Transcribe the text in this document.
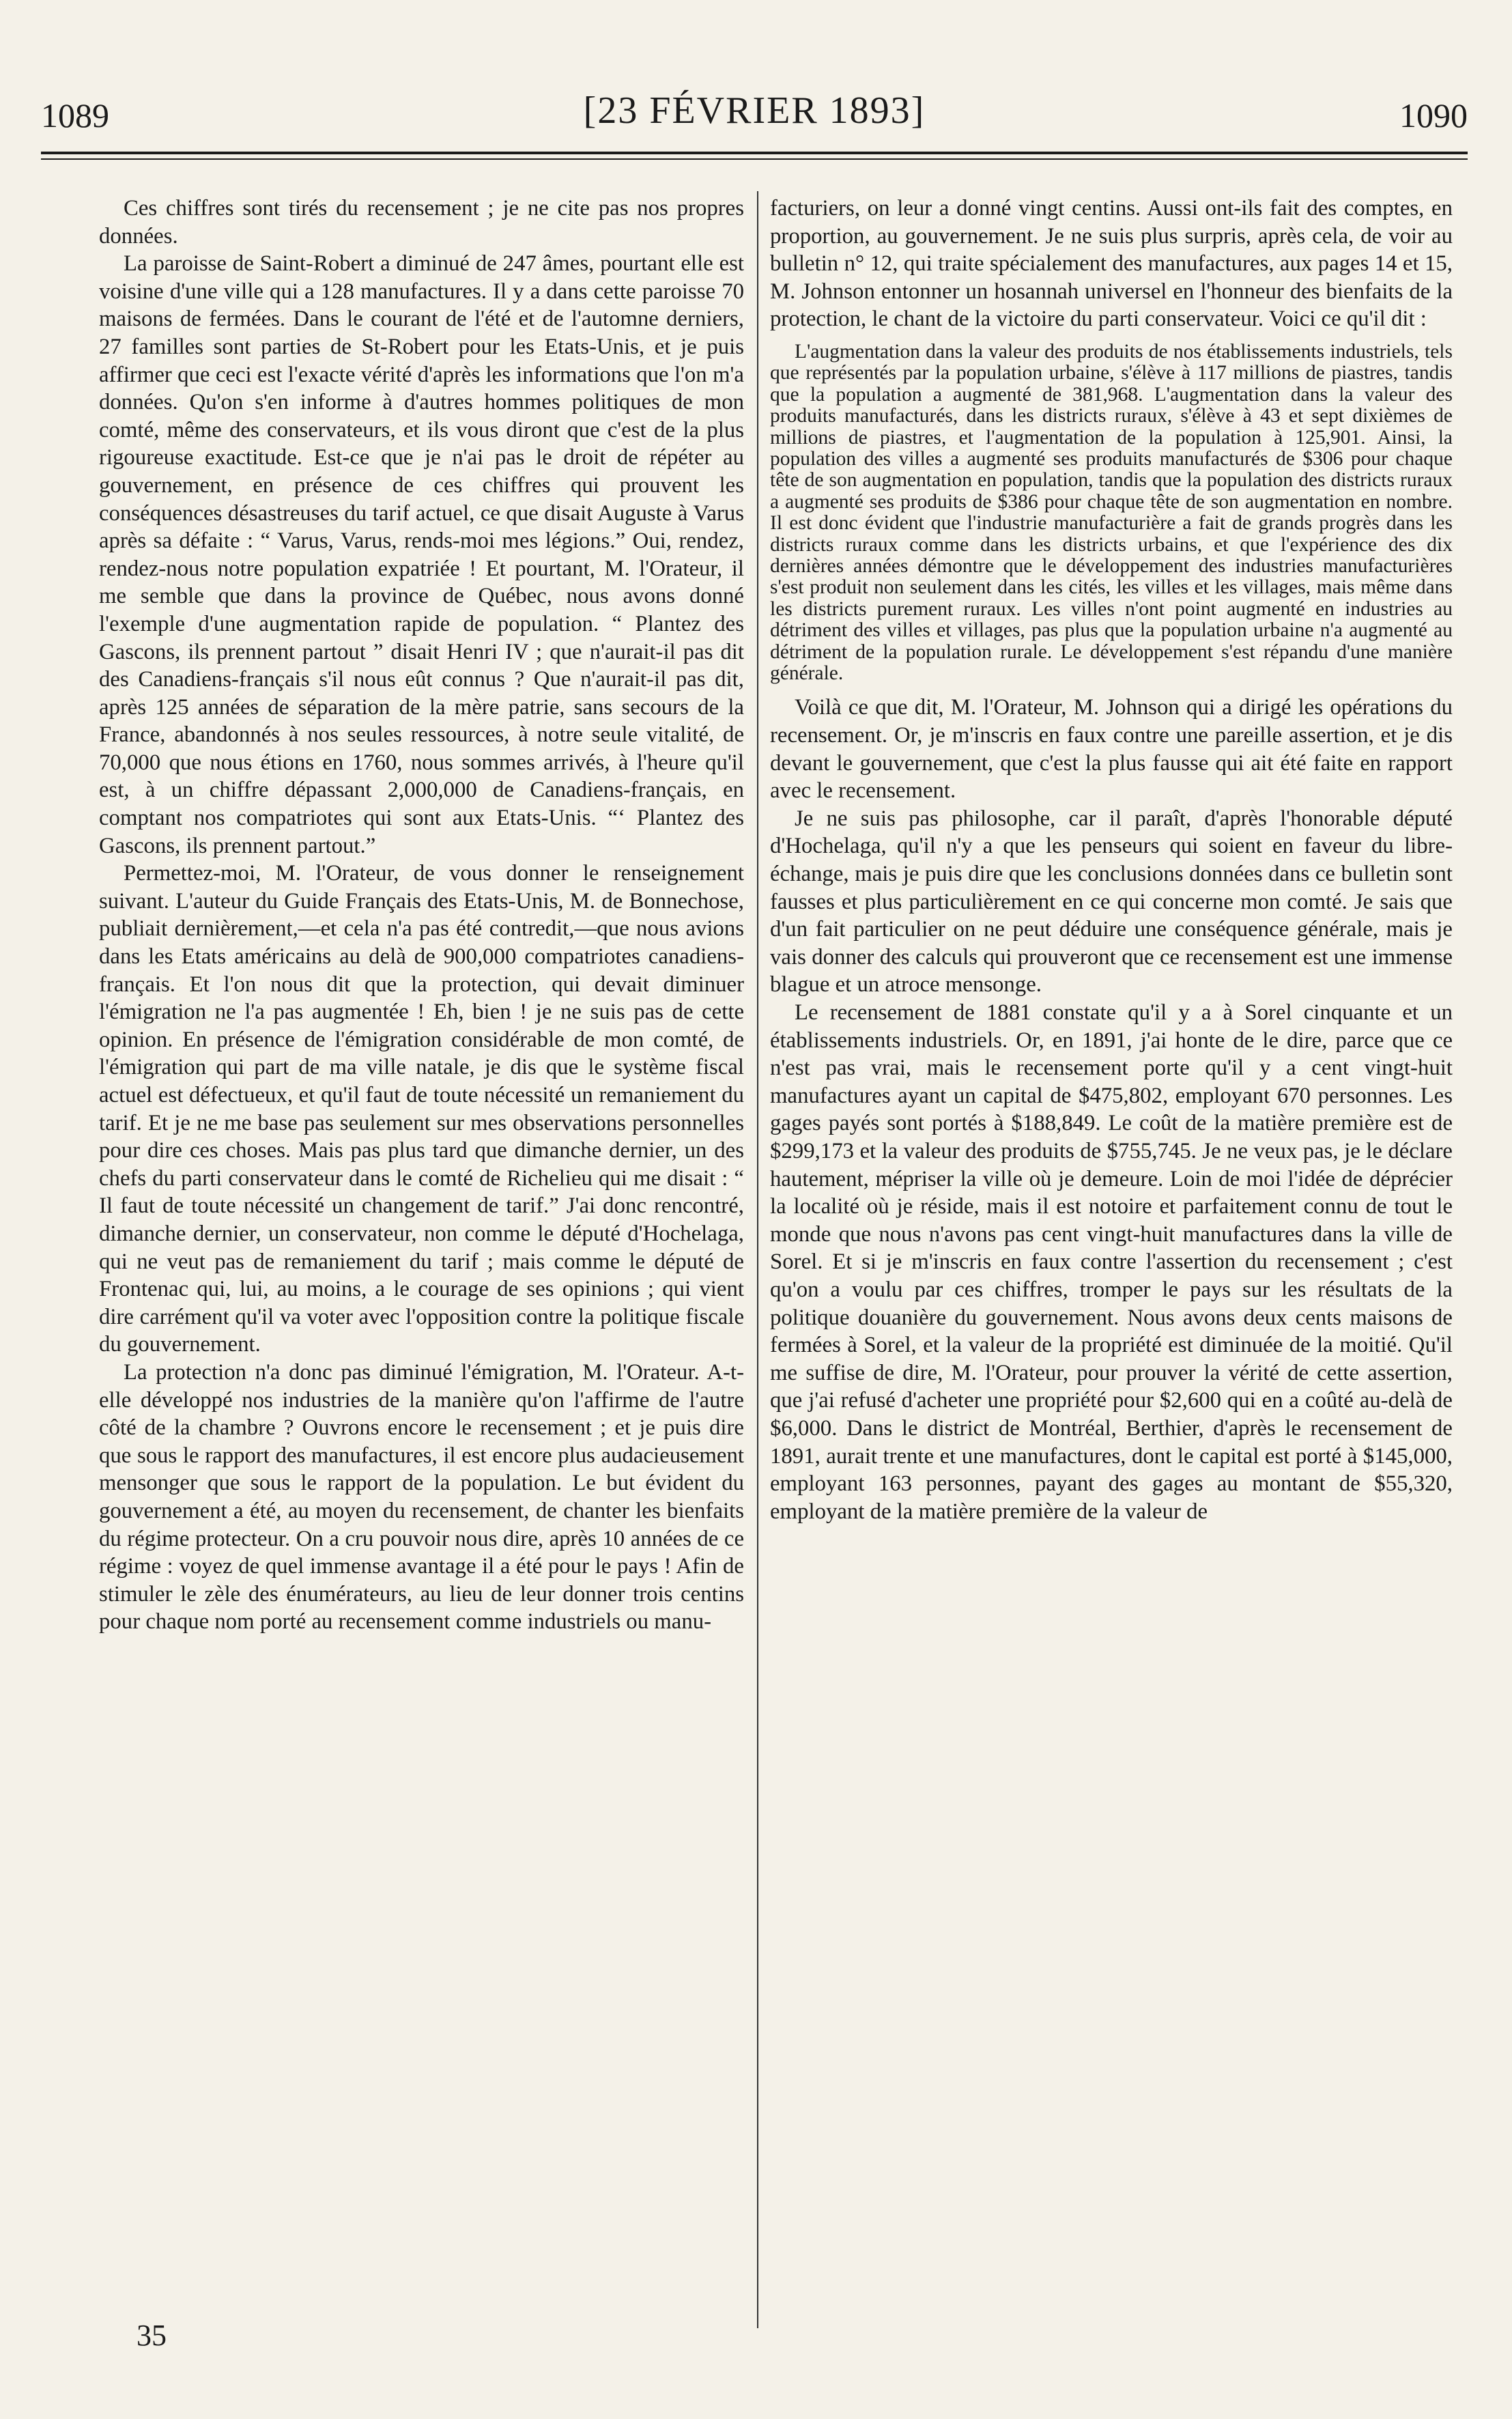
1089	[23 FÉVRIER 1893]	1090

Ces chiffres sont tirés du recensement ; je ne cite pas nos propres données.

La paroisse de Saint-Robert a diminué de 247 âmes, pourtant elle est voisine d'une ville qui a 128 manufactures. Il y a dans cette paroisse 70 maisons de fermées. Dans le courant de l'été et de l'automne derniers, 27 familles sont parties de St-Robert pour les Etats-Unis, et je puis affirmer que ceci est l'exacte vérité d'après les informations que l'on m'a données. Qu'on s'en informe à d'autres hommes politiques de mon comté, même des conservateurs, et ils vous diront que c'est de la plus rigoureuse exactitude. Est-ce que je n'ai pas le droit de répéter au gouvernement, en présence de ces chiffres qui prouvent les conséquences désastreuses du tarif actuel, ce que disait Auguste à Varus après sa défaite : “ Varus, Varus, rends-moi mes légions.” Oui, rendez, rendez-nous notre population expatriée ! Et pourtant, M. l'Orateur, il me semble que dans la province de Québec, nous avons donné l'exemple d'une augmentation rapide de population. “ Plantez des Gascons, ils prennent partout ” disait Henri IV ; que n'aurait-il pas dit des Canadiens-français s'il nous eût connus ? Que n'aurait-il pas dit, après 125 années de séparation de la mère patrie, sans secours de la France, abandonnés à nos seules ressources, à notre seule vitalité, de 70,000 que nous étions en 1760, nous sommes arrivés, à l'heure qu'il est, à un chiffre dépassant 2,000,000 de Canadiens-français, en comptant nos compatriotes qui sont aux Etats-Unis. “‘ Plantez des Gascons, ils prennent partout.”

Permettez-moi, M. l'Orateur, de vous donner le renseignement suivant. L'auteur du Guide Français des Etats-Unis, M. de Bonnechose, publiait dernièrement,—et cela n'a pas été contredit,—que nous avions dans les Etats américains au delà de 900,000 compatriotes canadiens-français. Et l'on nous dit que la protection, qui devait diminuer l'émigration ne l'a pas augmentée ! Eh, bien ! je ne suis pas de cette opinion. En présence de l'émigration considérable de mon comté, de l'émigration qui part de ma ville natale, je dis que le système fiscal actuel est défectueux, et qu'il faut de toute nécessité un remaniement du tarif. Et je ne me base pas seulement sur mes observations personnelles pour dire ces choses. Mais pas plus tard que dimanche dernier, un des chefs du parti conservateur dans le comté de Richelieu qui me disait : “ Il faut de toute nécessité un changement de tarif.” J'ai donc rencontré, dimanche dernier, un conservateur, non comme le député d'Hochelaga, qui ne veut pas de remaniement du tarif ; mais comme le député de Frontenac qui, lui, au moins, a le courage de ses opinions ; qui vient dire carrément qu'il va voter avec l'opposition contre la politique fiscale du gouvernement.

La protection n'a donc pas diminué l'émigration, M. l'Orateur. A-t-elle développé nos industries de la manière qu'on l'affirme de l'autre côté de la chambre ? Ouvrons encore le recensement ; et je puis dire que sous le rapport des manufactures, il est encore plus audacieusement mensonger que sous le rapport de la population. Le but évident du gouvernement a été, au moyen du recensement, de chanter les bienfaits du régime protecteur. On a cru pouvoir nous dire, après 10 années de ce régime : voyez de quel immense avantage il a été pour le pays ! Afin de stimuler le zèle des énumérateurs, au lieu de leur donner trois centins pour chaque nom porté au recensement comme industriels ou manu-

facturiers, on leur a donné vingt centins. Aussi ont-ils fait des comptes, en proportion, au gouvernement. Je ne suis plus surpris, après cela, de voir au bulletin n° 12, qui traite spécialement des manufactures, aux pages 14 et 15, M. Johnson entonner un hosannah universel en l'honneur des bienfaits de la protection, le chant de la victoire du parti conservateur. Voici ce qu'il dit :

L'augmentation dans la valeur des produits de nos établissements industriels, tels que représentés par la population urbaine, s'élève à 117 millions de piastres, tandis que la population a augmenté de 381,968. L'augmentation dans la valeur des produits manufacturés, dans les districts ruraux, s'élève à 43 et sept dixièmes de millions de piastres, et l'augmentation de la population à 125,901. Ainsi, la population des villes a augmenté ses produits manufacturés de $306 pour chaque tête de son augmentation en population, tandis que la population des districts ruraux a augmenté ses produits de $386 pour chaque tête de son augmentation en nombre. Il est donc évident que l'industrie manufacturière a fait de grands progrès dans les districts ruraux comme dans les districts urbains, et que l'expérience des dix dernières années démontre que le développement des industries manufacturières s'est produit non seulement dans les cités, les villes et les villages, mais même dans les districts purement ruraux. Les villes n'ont point augmenté en industries au détriment des villes et villages, pas plus que la population urbaine n'a augmenté au détriment de la population rurale. Le développement s'est répandu d'une manière générale.

Voilà ce que dit, M. l'Orateur, M. Johnson qui a dirigé les opérations du recensement. Or, je m'inscris en faux contre une pareille assertion, et je dis devant le gouvernement, que c'est la plus fausse qui ait été faite en rapport avec le recensement.

Je ne suis pas philosophe, car il paraît, d'après l'honorable député d'Hochelaga, qu'il n'y a que les penseurs qui soient en faveur du libre-échange, mais je puis dire que les conclusions données dans ce bulletin sont fausses et plus particulièrement en ce qui concerne mon comté. Je sais que d'un fait particulier on ne peut déduire une conséquence générale, mais je vais donner des calculs qui prouveront que ce recensement est une immense blague et un atroce mensonge.

Le recensement de 1881 constate qu'il y a à Sorel cinquante et un établissements industriels. Or, en 1891, j'ai honte de le dire, parce que ce n'est pas vrai, mais le recensement porte qu'il y a cent vingt-huit manufactures ayant un capital de $475,802, employant 670 personnes. Les gages payés sont portés à $188,849. Le coût de la matière première est de $299,173 et la valeur des produits de $755,745. Je ne veux pas, je le déclare hautement, mépriser la ville où je demeure. Loin de moi l'idée de déprécier la localité où je réside, mais il est notoire et parfaitement connu de tout le monde que nous n'avons pas cent vingt-huit manufactures dans la ville de Sorel. Et si je m'inscris en faux contre l'assertion du recensement ; c'est qu'on a voulu par ces chiffres, tromper le pays sur les résultats de la politique douanière du gouvernement. Nous avons deux cents maisons de fermées à Sorel, et la valeur de la propriété est diminuée de la moitié. Qu'il me suffise de dire, M. l'Orateur, pour prouver la vérité de cette assertion, que j'ai refusé d'acheter une propriété pour $2,600 qui en a coûté au-delà de $6,000. Dans le district de Montréal, Berthier, d'après le recensement de 1891, aurait trente et une manufactures, dont le capital est porté à $145,000, employant 163 personnes, payant des gages au montant de $55,320, employant de la matière première de la valeur de

35
